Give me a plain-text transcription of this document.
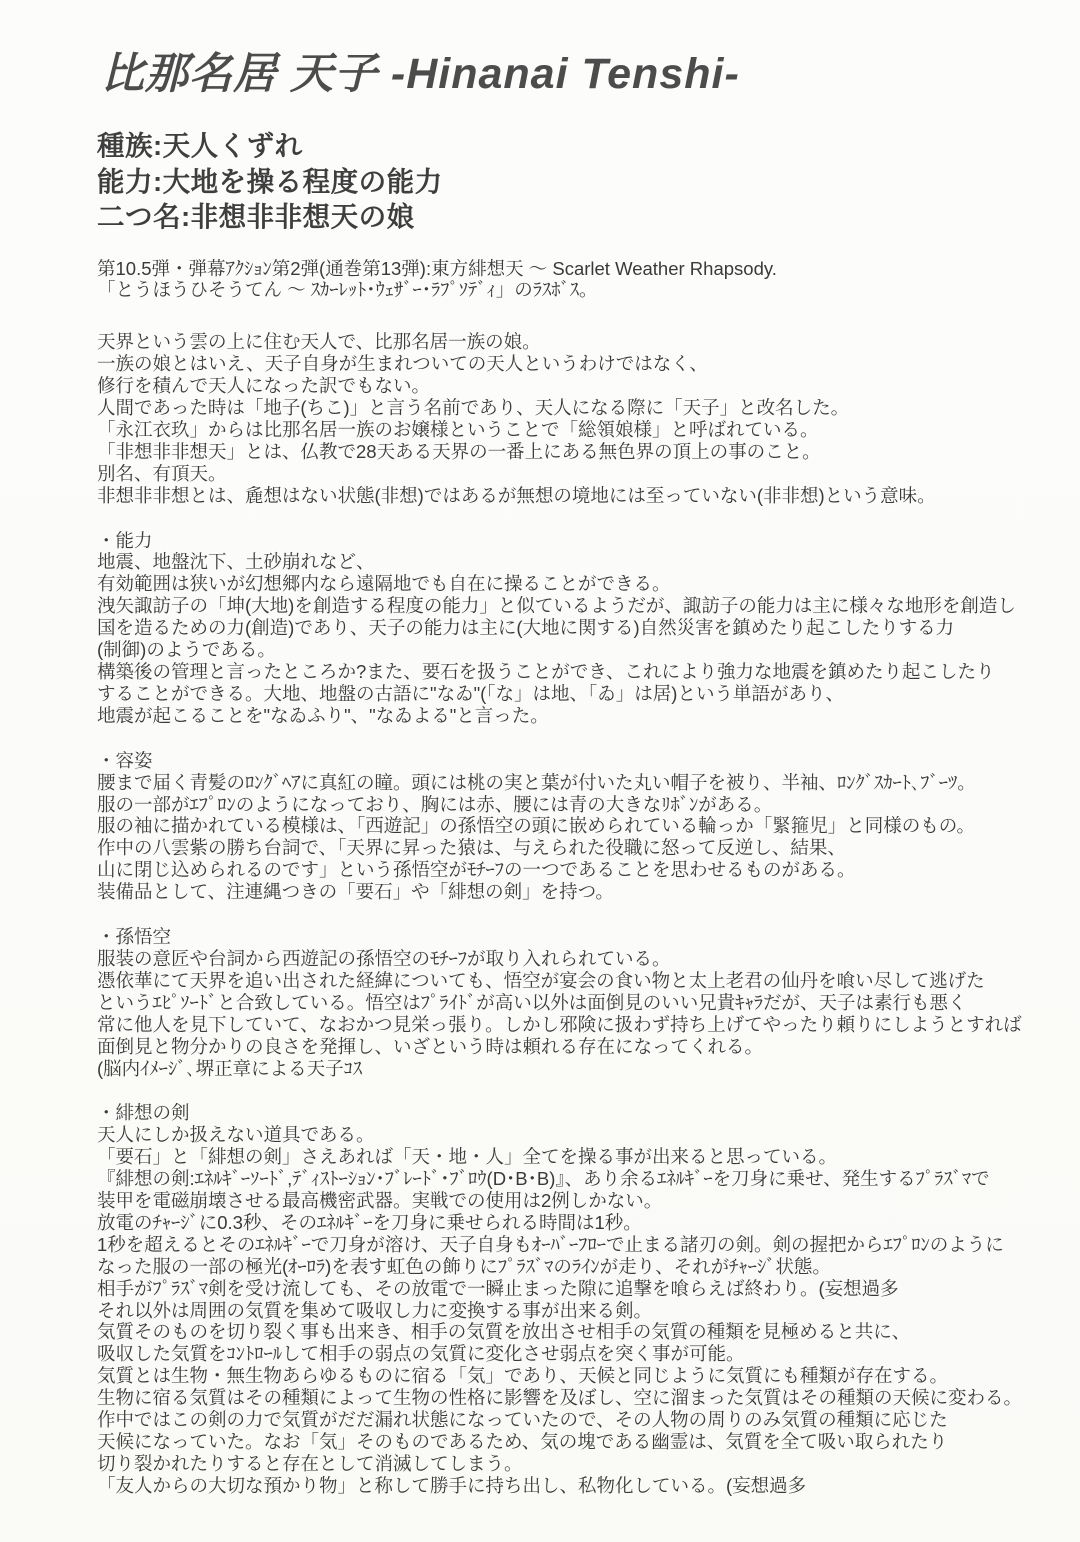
比那名居 天子 -Hinanai Tenshi-
種族:天人くずれ
能力:大地を操る程度の能力
二つ名:非想非非想天の娘
第10.5弾・弾幕ｱｸｼｮﾝ第2弾(通巻第13弾):東方緋想天 ～ Scarlet Weather Rhapsody.
「とうほうひそうてん ～ ｽｶｰﾚｯﾄ･ｳｪｻﾞｰ･ﾗﾌﾟｿﾃﾞｨ」のﾗｽﾎﾞｽ。
天界という雲の上に住む天人で、比那名居一族の娘。
一族の娘とはいえ、天子自身が生まれついての天人というわけではなく、
修行を積んで天人になった訳でもない。
人間であった時は「地子(ちこ)」と言う名前であり、天人になる際に「天子」と改名した。
「永江衣玖」からは比那名居一族のお嬢様ということで「総領娘様」と呼ばれている。
「非想非非想天」とは、仏教で28天ある天界の一番上にある無色界の頂上の事のこと。
別名、有頂天。
非想非非想とは、麁想はない状態(非想)ではあるが無想の境地には至っていない(非非想)という意味。
・能力
地震、地盤沈下、土砂崩れなど、
有効範囲は狭いが幻想郷内なら遠隔地でも自在に操ることができる。
洩矢諏訪子の「坤(大地)を創造する程度の能力」と似ているようだが、諏訪子の能力は主に様々な地形を創造し
国を造るための力(創造)であり、天子の能力は主に(大地に関する)自然災害を鎮めたり起こしたりする力
(制御)のようである。
構築後の管理と言ったところか?また、要石を扱うことができ、これにより強力な地震を鎮めたり起こしたり
することができる。大地、地盤の古語に"なゐ"(「な」は地、「ゐ」は居)という単語があり、
地震が起こることを"なゐふり"、"なゐよる"と言った。
・容姿
腰まで届く青髪のﾛﾝｸﾞﾍｱに真紅の瞳。頭には桃の実と葉が付いた丸い帽子を被り、半袖、ﾛﾝｸﾞｽｶｰﾄ､ﾌﾞｰﾂ。
服の一部がｴﾌﾟﾛﾝのようになっており、胸には赤、腰には青の大きなﾘﾎﾞﾝがある。
服の袖に描かれている模様は、「西遊記」の孫悟空の頭に嵌められている輪っか「緊箍児」と同様のもの。
作中の八雲紫の勝ち台詞で、「天界に昇った猿は、与えられた役職に怒って反逆し、結果、
山に閉じ込められるのです」という孫悟空がﾓﾁｰﾌの一つであることを思わせるものがある。
装備品として、注連縄つきの「要石」や「緋想の剣」を持つ。
・孫悟空
服装の意匠や台詞から西遊記の孫悟空のﾓﾁｰﾌが取り入れられている。
憑依華にて天界を追い出された経緯についても、悟空が宴会の食い物と太上老君の仙丹を喰い尽して逃げた
というｴﾋﾟｿｰﾄﾞと合致している。悟空はﾌﾟﾗｲﾄﾞが高い以外は面倒見のいい兄貴ｷｬﾗだが、天子は素行も悪く
常に他人を見下していて、なおかつ見栄っ張り。しかし邪険に扱わず持ち上げてやったり頼りにしようとすれば
面倒見と物分かりの良さを発揮し、いざという時は頼れる存在になってくれる。
(脳内ｲﾒｰｼﾞ､堺正章による天子ｺｽ
・緋想の剣
天人にしか扱えない道具である。
「要石」と「緋想の剣」さえあれば「天・地・人」全てを操る事が出来ると思っている。
『緋想の剣:ｴﾈﾙｷﾞｰｿｰﾄﾞ,ﾃﾞｨｽﾄｰｼｮﾝ･ﾌﾞﾚｰﾄﾞ･ﾌﾞﾛｳ(D･B･B)』、あり余るｴﾈﾙｷﾞｰを刀身に乗せ、発生するﾌﾟﾗｽﾞﾏで
装甲を電磁崩壊させる最高機密武器。実戦での使用は2例しかない。
放電のﾁｬｰｼﾞに0.3秒、そのｴﾈﾙｷﾞｰを刀身に乗せられる時間は1秒。
1秒を超えるとそのｴﾈﾙｷﾞｰで刀身が溶け、天子自身もｵｰﾊﾞｰﾌﾛｰで止まる諸刃の剣。剣の握把からｴﾌﾟﾛﾝのように
なった服の一部の極光(ｵｰﾛﾗ)を表す虹色の飾りにﾌﾟﾗｽﾞﾏのﾗｲﾝが走り、それがﾁｬｰｼﾞ状態。
相手がﾌﾟﾗｽﾞﾏ剣を受け流しても、その放電で一瞬止まった隙に追撃を喰らえば終わり。(妄想過多
それ以外は周囲の気質を集めて吸収し力に変換する事が出来る剣。
気質そのものを切り裂く事も出来き、相手の気質を放出させ相手の気質の種類を見極めると共に、
吸収した気質をｺﾝﾄﾛｰﾙして相手の弱点の気質に変化させ弱点を突く事が可能。
気質とは生物・無生物あらゆるものに宿る「気」であり、天候と同じように気質にも種類が存在する。
生物に宿る気質はその種類によって生物の性格に影響を及ぼし、空に溜まった気質はその種類の天候に変わる。
作中ではこの剣の力で気質がだだ漏れ状態になっていたので、その人物の周りのみ気質の種類に応じた
天候になっていた。なお「気」そのものであるため、気の塊である幽霊は、気質を全て吸い取られたり
切り裂かれたりすると存在として消滅してしまう。
「友人からの大切な預かり物」と称して勝手に持ち出し、私物化している。(妄想過多
